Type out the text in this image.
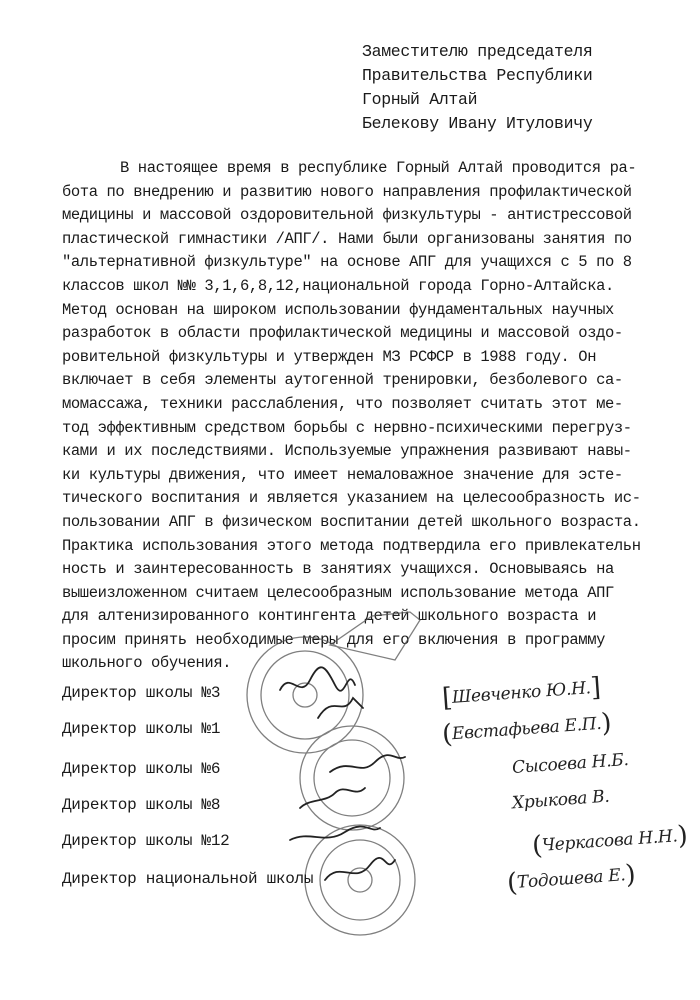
Заместителю председателя
Правительства Республики
Горный Алтай
Белекову Ивану Итуловичу
В настоящее время в республике Горный Алтай проводится ра-
бота по внедрению и развитию нового направления профилактической
медицины и массовой оздоровительной физкультуры - антистрессовой
пластической гимнастики /АПГ/. Нами были организованы занятия по
"альтернативной физкультуре" на основе АПГ для учащихся с 5 по 8
классов школ №№ 3,1,6,8,12,национальной города Горно-Алтайска.
Метод основан на широком использовании фундаментальных научных
разработок в области профилактической медицины и массовой оздо-
ровительной физкультуры и утвержден МЗ РСФСР в 1988 году. Он
включает в себя элементы аутогенной тренировки, безболевого са-
момассажа, техники расслабления, что позволяет считать этот ме-
тод эффективным средством борьбы с нервно-психическими перегруз-
ками и их последствиями. Используемые упражнения развивают навы-
ки культуры движения, что имеет немаловажное значение для эсте-
тического воспитания и является указанием на целесообразность ис-
пользовании АПГ в физическом воспитании детей школьного возраста.
Практика использования этого метода подтвердила его привлекательн
ность и заинтересованность в занятиях учащихся. Основываясь на
вышеизложенном считаем целесообразным использование метода АПГ
для алтенизированного контингента детей школьного возраста и
просим принять необходимые меры для его включения в программу
школьного обучения.
Директор школы №3	[Шевченко Ю.Н.]
Директор школы №1	(Евстафьева Е.П.)
Директор школы №6	Сысоева Н.Б.
Директор школы №8	Хрыкова В.
Директор школы №12	(Черкасова Н.Н.)
Директор национальной школы	(Тодошева Е.)
